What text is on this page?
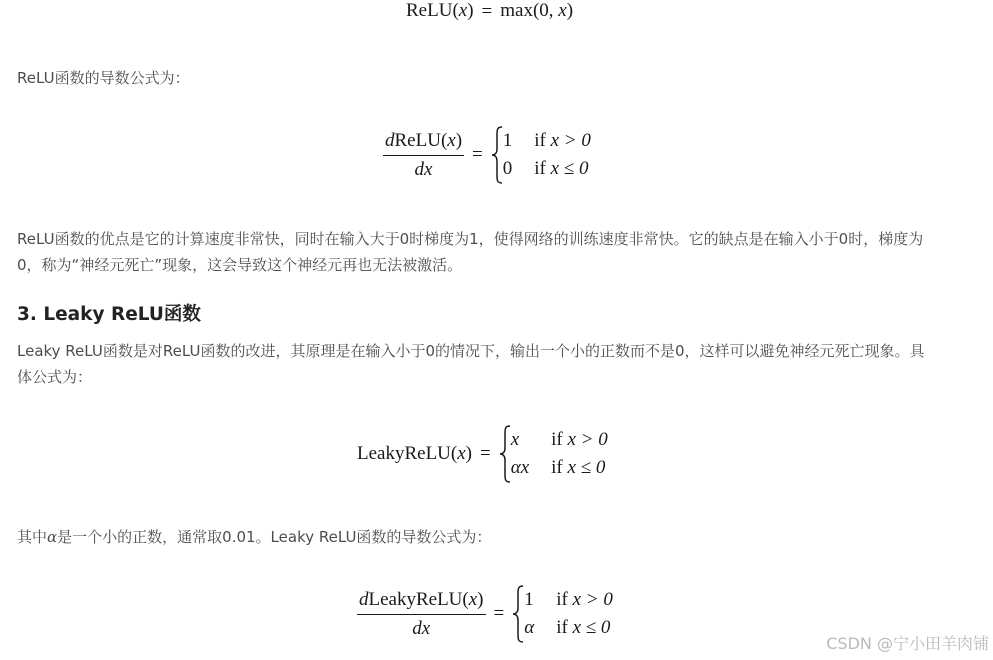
ReLU(x) = max(0, x)

ReLU函数的导数公式为：

$\frac{\text{dReLU(x)}}{dx} =1$	if x > 0
0	if x ≤ 0

ReLU函数的优点是它的计算速度非常快，同时在输入大于0时梯度为1，使得网络的训练速度非常快。它的缺点是在输入小于0时，梯度为

0，称为“神经元死亡”现象，这会导致这个神经元再也无法被激活。

3. Leaky ReLU函数

Leaky ReLU函数是对ReLU函数的改进，其原理是在输入小于0的情况下，输出一个小的正数而不是0，这样可以避免神经元死亡现象。具

体公式为：

LeakyReLU(x) =x	if x > 0
αx	if x ≤ 0

其中α是一个小的正数，通常取0.01。Leaky ReLU函数的导数公式为：

$\frac{\text{dLeakyReLU(x)}}{dx} =1$	if x > 0
α	if x ≤ 0
CSDN @宁小田羊肉铺
